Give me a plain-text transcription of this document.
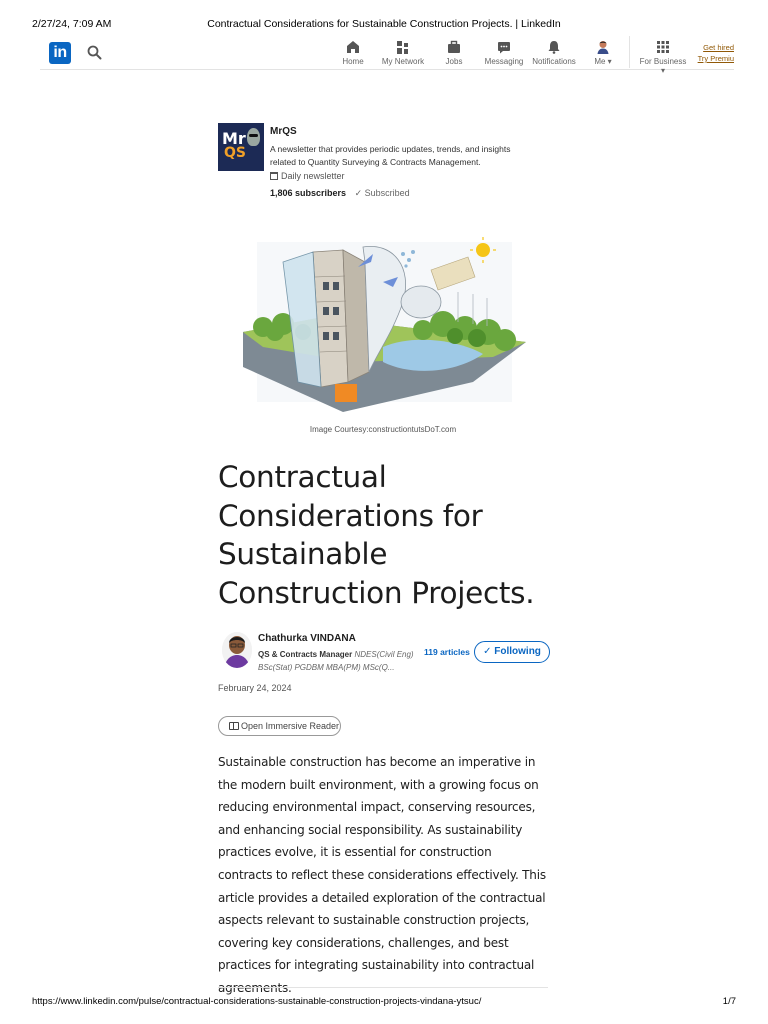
2/27/24, 7:09 AM	Contractual Considerations for Sustainable Construction Projects. | LinkedIn
in
Home My Network	Jobs	Messaging Notifications	Me ▾	For Business ▾
Get hired
Try Premiu
Mr
QS
MrQS
A newsletter that provides periodic updates, trends, and insights related to Quantity Surveying & Contracts Management.
Daily newsletter
1,806 subscribers ✓ Subscribed
Image Courtesy:constructiontutsDoT.com
Contractual Considerations for Sustainable Construction Projects.
Chathurka VINDANA
QS & Contracts Manager NDES(Civil Eng) BSc(Stat) PGDBM MBA(PM) MSc(Q...
119 articles	✓ Following
February 24, 2024
Open Immersive Reader

Sustainable construction has become an imperative in the modern built environment, with a growing focus on reducing environmental impact, conserving resources, and enhancing social responsibility. As sustainability practices evolve, it is essential for construction contracts to reflect these considerations effectively. This article provides a detailed exploration of the contractual aspects relevant to sustainable construction projects, covering key considerations, challenges, and best practices for integrating sustainability into contractual

https://www.linkedin.com/pulse/contractual-considerations-sustainable-construction-projects-vindana-ytsuc/	1/7
